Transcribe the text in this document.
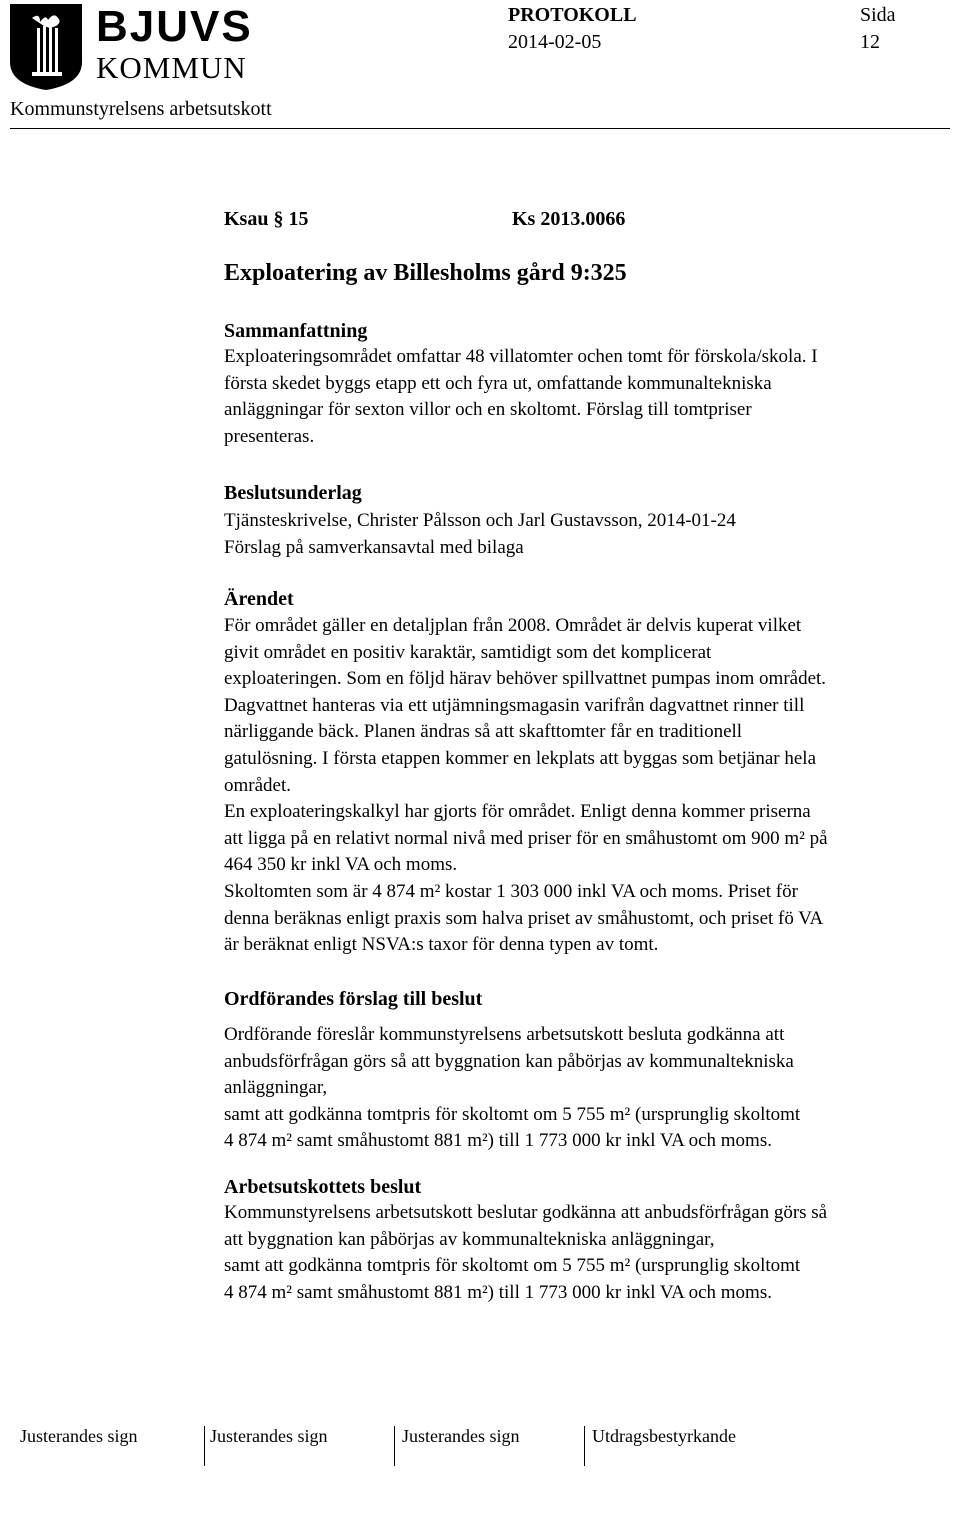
BJUVS
KOMMUN
PROTOKOLL
2014-02-05
Sida
12
Kommunstyrelsens arbetsutskott
Ksau § 15	Ks 2013.0066
Exploatering av Billesholms gård 9:325
Sammanfattning
Exploateringsområdet omfattar 48 villatomter ochen tomt för förskola/skola. I
första skedet byggs etapp ett och fyra ut, omfattande kommunaltekniska
anläggningar för sexton villor och en skoltomt. Förslag till tomtpriser
presenteras.
Beslutsunderlag
Tjänsteskrivelse, Christer Pålsson och Jarl Gustavsson, 2014-01-24
Förslag på samverkansavtal med bilaga
Ärendet
För området gäller en detaljplan från 2008. Området är delvis kuperat vilket
givit området en positiv karaktär, samtidigt som det komplicerat
exploateringen. Som en följd härav behöver spillvattnet pumpas inom området.
Dagvattnet hanteras via ett utjämningsmagasin varifrån dagvattnet rinner till
närliggande bäck. Planen ändras så att skafttomter får en traditionell
gatulösning. I första etappen kommer en lekplats att byggas som betjänar hela
området.
En exploateringskalkyl har gjorts för området. Enligt denna kommer priserna
att ligga på en relativt normal nivå med priser för en småhustomt om 900 m² på
464 350 kr inkl VA och moms.
Skoltomten som är 4 874 m² kostar 1 303 000 inkl VA och moms. Priset för
denna beräknas enligt praxis som halva priset av småhustomt, och priset fö VA
är beräknat enligt NSVA:s taxor för denna typen av tomt.
Ordförandes förslag till beslut
Ordförande föreslår kommunstyrelsens arbetsutskott besluta godkänna att
anbudsförfrågan görs så att byggnation kan påbörjas av kommunaltekniska
anläggningar,
samt att godkänna tomtpris för skoltomt om 5 755 m² (ursprunglig skoltomt
4 874 m² samt småhustomt 881 m²) till 1 773 000 kr inkl VA och moms.
Arbetsutskottets beslut
Kommunstyrelsens arbetsutskott beslutar godkänna att anbudsförfrågan görs så
att byggnation kan påbörjas av kommunaltekniska anläggningar,
samt att godkänna tomtpris för skoltomt om 5 755 m² (ursprunglig skoltomt
4 874 m² samt småhustomt 881 m²) till 1 773 000 kr inkl VA och moms.
Justerandes sign	Justerandes sign	Justerandes sign	Utdragsbestyrkande
